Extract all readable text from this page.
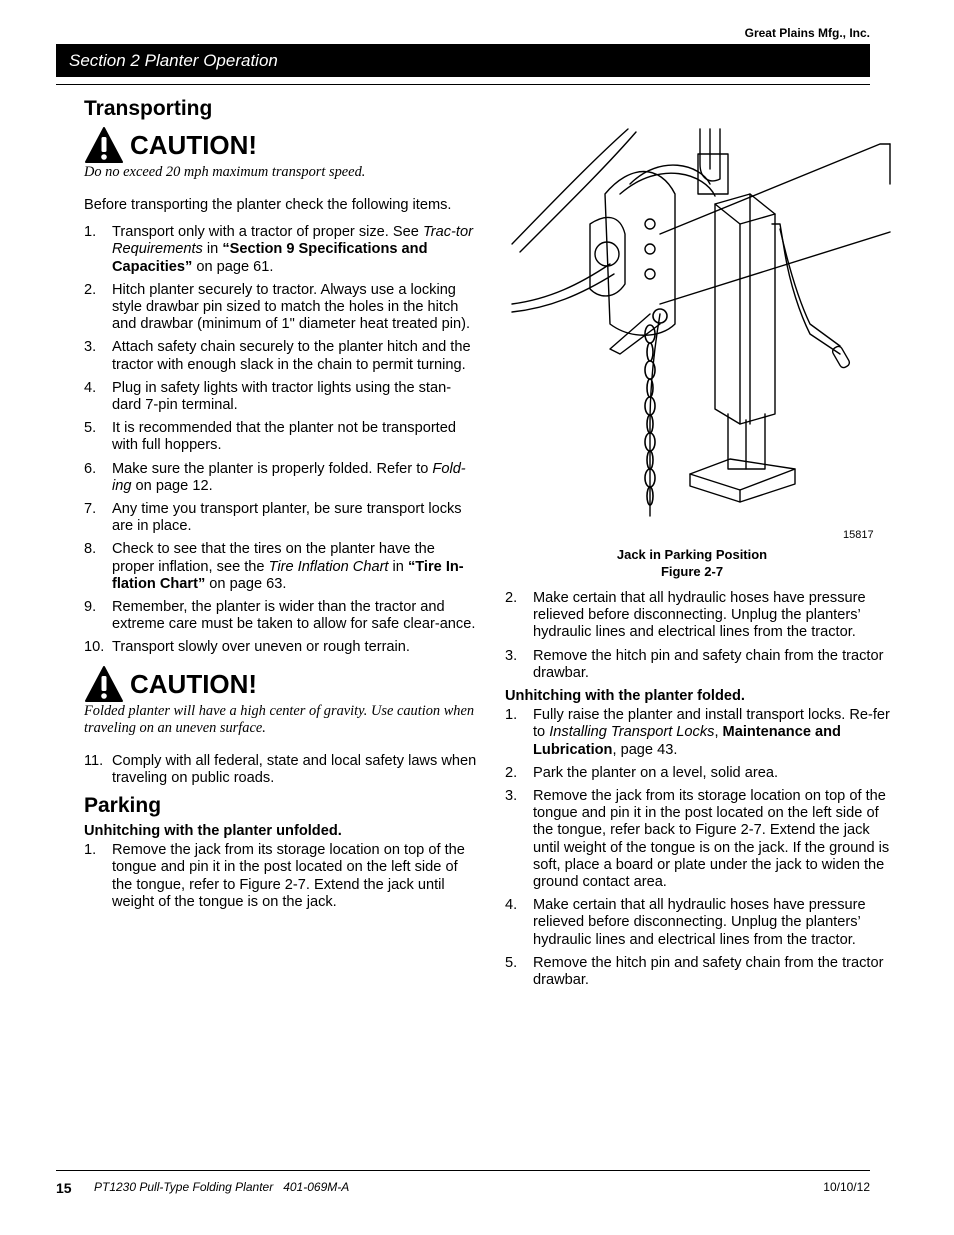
Great Plains Mfg., Inc.
Section 2 Planter Operation
Transporting
CAUTION!

Do no exceed 20 mph maximum transport speed.

Before transporting the planter check the following items.

1. Transport only with a tractor of proper size. See Trac-tor Requirements in “Section 9 Specifications and Capacities” on page 61.
2. Hitch planter securely to tractor. Always use a locking style drawbar pin sized to match the holes in the hitch and drawbar (minimum of 1" diameter heat treated pin).
3. Attach safety chain securely to the planter hitch and the tractor with enough slack in the chain to permit turning.
4. Plug in safety lights with tractor lights using the stan-dard 7-pin terminal.
5. It is recommended that the planter not be transported with full hoppers.
6. Make sure the planter is properly folded. Refer to Fold-ing on page 12.
7. Any time you transport planter, be sure transport locks are in place.
8. Check to see that the tires on the planter have the proper inflation, see the Tire Inflation Chart in “Tire In-flation Chart” on page 63.
9. Remember, the planter is wider than the tractor and extreme care must be taken to allow for safe clear-ance.
10. Transport slowly over uneven or rough terrain.
CAUTION!

Folded planter will have a high center of gravity. Use caution when traveling on an uneven surface.

11. Comply with all federal, state and local safety laws when traveling on public roads.
Parking
Unhitching with the planter unfolded.
1. Remove the jack from its storage location on top of the tongue and pin it in the post located on the left side of the tongue, refer to Figure 2-7. Extend the jack until weight of the tongue is on the jack.
15817
Jack in Parking Position
Figure 2-7
2. Make certain that all hydraulic hoses have pressure relieved before disconnecting. Unplug the planters’ hydraulic lines and electrical lines from the tractor.
3. Remove the hitch pin and safety chain from the tractor drawbar.
Unhitching with the planter folded.
1. Fully raise the planter and install transport locks. Re-fer to Installing Transport Locks, Maintenance and Lubrication, page 43.
2. Park the planter on a level, solid area.
3. Remove the jack from its storage location on top of the tongue and pin it in the post located on the left side of the tongue, refer back to Figure 2-7. Extend the jack until weight of the tongue is on the jack. If the ground is soft, place a board or plate under the jack to widen the ground contact area.
4. Make certain that all hydraulic hoses have pressure relieved before disconnecting. Unplug the planters’ hydraulic lines and electrical lines from the tractor.
5. Remove the hitch pin and safety chain from the tractor drawbar.
15 PT1230 Pull-Type Folding Planter   401-069M-A	10/10/12
